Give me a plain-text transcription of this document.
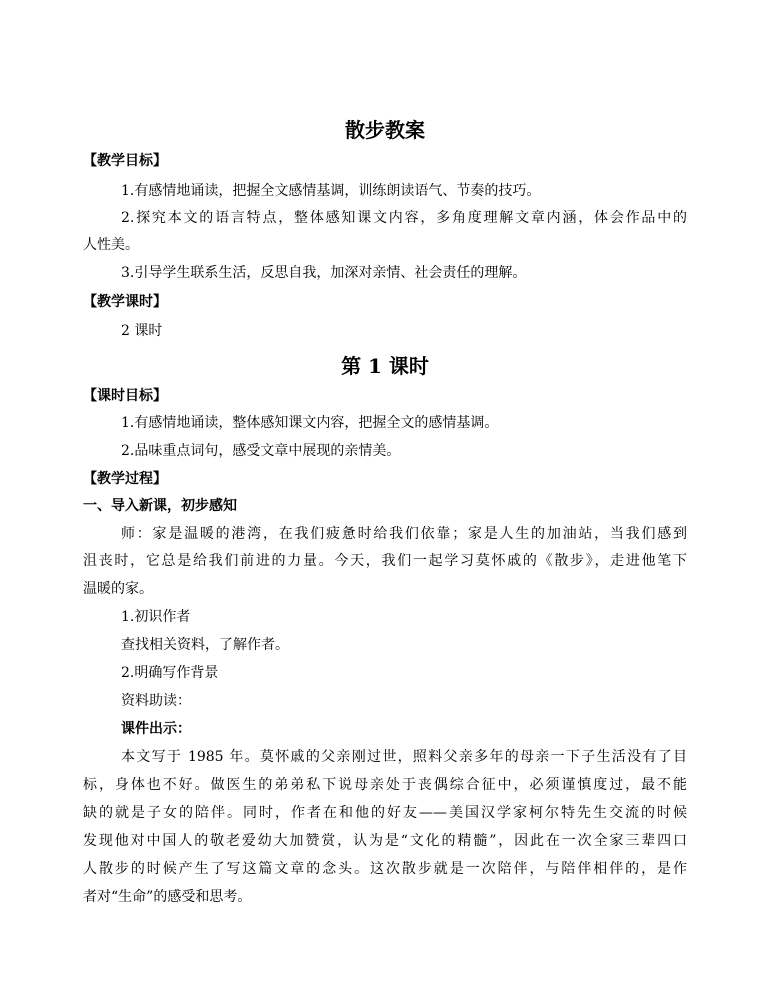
散步教案
【教学目标】
1.有感情地诵读，把握全文感情基调，训练朗读语气、节奏的技巧。
2.探究本文的语言特点，整体感知课文内容，多角度理解文章内涵，体会作品中的
人性美。
3.引导学生联系生活，反思自我，加深对亲情、社会责任的理解。
【教学课时】
2 课时
第 1 课时
【课时目标】
1.有感情地诵读，整体感知课文内容，把握全文的感情基调。
2.品味重点词句，感受文章中展现的亲情美。
【教学过程】
一、导入新课，初步感知
师：家是温暖的港湾，在我们疲惫时给我们依靠；家是人生的加油站，当我们感到
沮丧时，它总是给我们前进的力量。今天，我们一起学习莫怀戚的《散步》，走进他笔下
温暖的家。
1.初识作者
查找相关资料，了解作者。
2.明确写作背景
资料助读：
课件出示：
本文写于 1985 年。莫怀戚的父亲刚过世，照料父亲多年的母亲一下子生活没有了目
标，身体也不好。做医生的弟弟私下说母亲处于丧偶综合征中，必须谨慎度过，最不能
缺的就是子女的陪伴。同时，作者在和他的好友——美国汉学家柯尔特先生交流的时候
发现他对中国人的敬老爱幼大加赞赏，认为是“文化的精髓”，因此在一次全家三辈四口
人散步的时候产生了写这篇文章的念头。这次散步就是一次陪伴，与陪伴相伴的，是作
者对“生命”的感受和思考。
